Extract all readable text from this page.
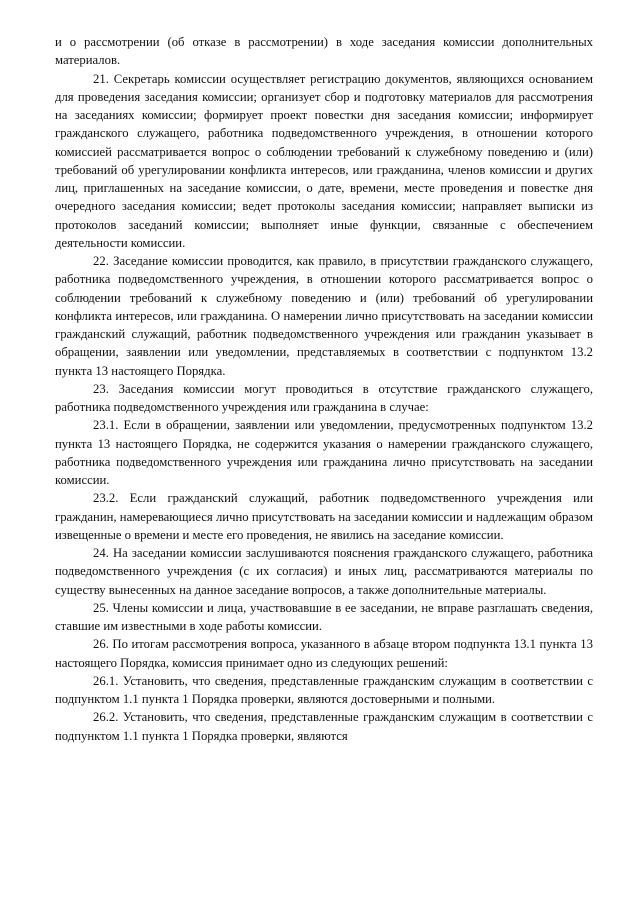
и о рассмотрении (об отказе в рассмотрении) в ходе заседания комиссии дополнительных материалов.

21. Секретарь комиссии осуществляет регистрацию документов, являющихся основанием для проведения заседания комиссии; организует сбор и подготовку материалов для рассмотрения на заседаниях комиссии; формирует проект повестки дня заседания комиссии; информирует гражданского служащего, работника подведомственного учреждения, в отношении которого комиссией рассматривается вопрос о соблюдении требований к служебному поведению и (или) требований об урегулировании конфликта интересов, или гражданина, членов комиссии и других лиц, приглашенных на заседание комиссии, о дате, времени, месте проведения и повестке дня очередного заседания комиссии; ведет протоколы заседания комиссии; направляет выписки из протоколов заседаний комиссии; выполняет иные функции, связанные с обеспечением деятельности комиссии.

22. Заседание комиссии проводится, как правило, в присутствии гражданского служащего, работника подведомственного учреждения, в отношении которого рассматривается вопрос о соблюдении требований к служебному поведению и (или) требований об урегулировании конфликта интересов, или гражданина. О намерении лично присутствовать на заседании комиссии гражданский служащий, работник подведомственного учреждения или гражданин указывает в обращении, заявлении или уведомлении, представляемых в соответствии с подпунктом 13.2 пункта 13 настоящего Порядка.

23. Заседания комиссии могут проводиться в отсутствие гражданского служащего, работника подведомственного учреждения или гражданина в случае:

23.1. Если в обращении, заявлении или уведомлении, предусмотренных подпунктом 13.2 пункта 13 настоящего Порядка, не содержится указания о намерении гражданского служащего, работника подведомственного учреждения или гражданина лично присутствовать на заседании комиссии.

23.2. Если гражданский служащий, работник подведомственного учреждения или гражданин, намеревающиеся лично присутствовать на заседании комиссии и надлежащим образом извещенные о времени и месте его проведения, не явились на заседание комиссии.

24. На заседании комиссии заслушиваются пояснения гражданского служащего, работника подведомственного учреждения (с их согласия) и иных лиц, рассматриваются материалы по существу вынесенных на данное заседание вопросов, а также дополнительные материалы.

25. Члены комиссии и лица, участвовавшие в ее заседании, не вправе разглашать сведения, ставшие им известными в ходе работы комиссии.

26. По итогам рассмотрения вопроса, указанного в абзаце втором подпункта 13.1 пункта 13 настоящего Порядка, комиссия принимает одно из следующих решений:

26.1. Установить, что сведения, представленные гражданским служащим в соответствии с подпунктом 1.1 пункта 1 Порядка проверки, являются достоверными и полными.

26.2. Установить, что сведения, представленные гражданским служащим в соответствии с подпунктом 1.1 пункта 1 Порядка проверки, являются
